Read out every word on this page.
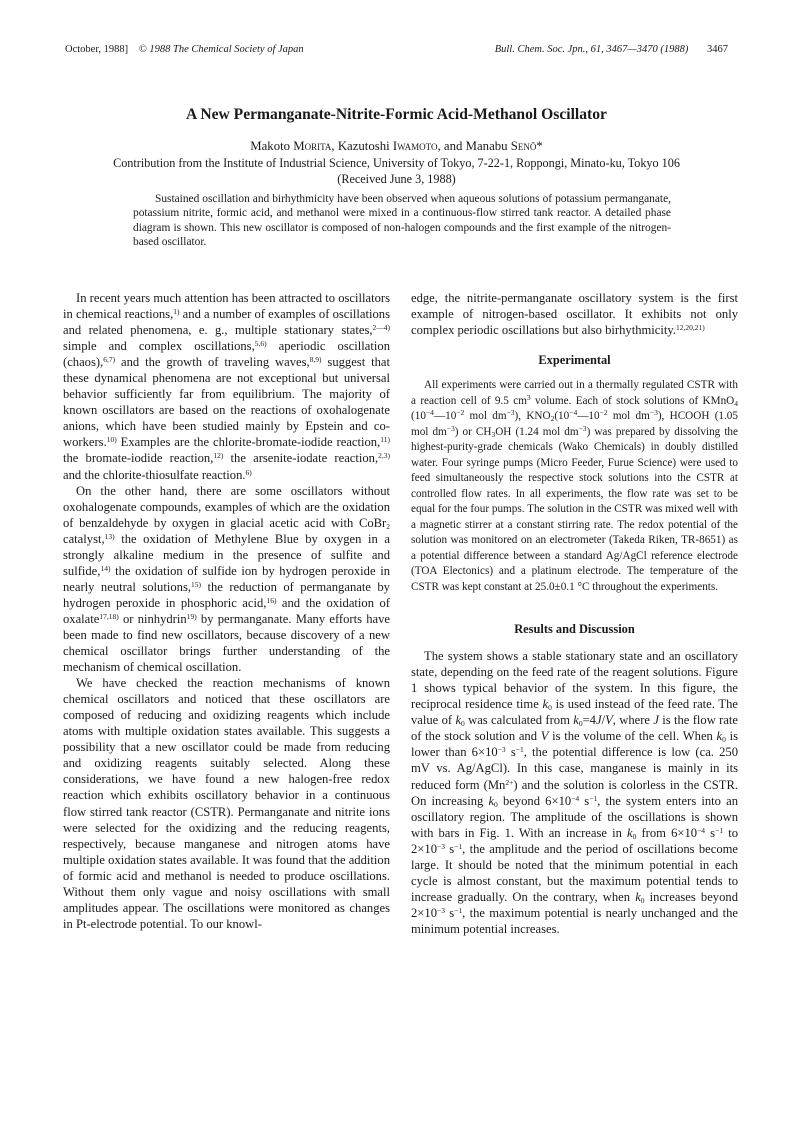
October, 1988] © 1988 The Chemical Society of Japan	Bull. Chem. Soc. Jpn., 61, 3467—3470 (1988) 3467
A New Permanganate-Nitrite-Formic Acid-Methanol Oscillator
Makoto Morita, Kazutoshi Iwamoto, and Manabu Senō*
Contribution from the Institute of Industrial Science, University of Tokyo, 7-22-1, Roppongi, Minato-ku, Tokyo 106
(Received June 3, 1988)
Sustained oscillation and birhythmicity have been observed when aqueous solutions of potassium permanganate, potassium nitrite, formic acid, and methanol were mixed in a continuous-flow stirred tank reactor. A detailed phase diagram is shown. This new oscillator is composed of non-halogen compounds and the first example of the nitrogen-based oscillator.

In recent years much attention has been attracted to oscillators in chemical reactions,$^{1)}$ and a number of examples of oscillations and related phenomena, e. g., multiple stationary states,$^{2—4)}$ simple and complex oscillations,$^{5,6)}$ aperiodic oscillation (chaos),$^{6,7)}$ and the growth of traveling waves,$^{8,9)}$ suggest that these dynamical phenomena are not exceptional but universal behavior sufficiently far from equilibrium. The majority of known oscillators are based on the reactions of oxohalogenate anions, which have been studied mainly by Epstein and co-workers.$^{10)}$ Examples are the chlorite-bromate-iodide reaction,$^{11)}$ the bromate-iodide reaction,$^{12)}$ the arsenite-iodate reaction,$^{2,3)}$ and the chlorite-thiosulfate reaction.$^{6)}$

On the other hand, there are some oscillators without oxohalogenate compounds, examples of which are the oxidation of benzaldehyde by oxygen in glacial acetic acid with CoBr$_2$ catalyst,$^{13)}$ the oxidation of Methylene Blue by oxygen in a strongly alkaline medium in the presence of sulfite and sulfide,$^{14)}$ the oxidation of sulfide ion by hydrogen peroxide in nearly neutral solutions,$^{15)}$ the reduction of permanganate by hydrogen peroxide in phosphoric acid,$^{16)}$ and the oxidation of oxalate$^{17,18)}$ or ninhydrin$^{19)}$ by permanganate. Many efforts have been made to find new oscillators, because discovery of a new chemical oscillator brings further understanding of the mechanism of chemical oscillation.

We have checked the reaction mechanisms of known chemical oscillators and noticed that these oscillators are composed of reducing and oxidizing reagents which include atoms with multiple oxidation states available. This suggests a possibility that a new oscillator could be made from reducing and oxidizing reagents suitably selected. Along these considerations, we have found a new halogen-free redox reaction which exhibits oscillatory behavior in a continuous flow stirred tank reactor (CSTR). Permanganate and nitrite ions were selected for the oxidizing and the reducing reagents, respectively, because manganese and nitrogen atoms have multiple oxidation states available. It was found that the addition of formic acid and methanol is needed to produce oscillations. Without them only vague and noisy oscillations with small amplitudes appear. The oscillations were monitored as changes in Pt-electrode potential. To our knowl-

edge, the nitrite-permanganate oscillatory system is the first example of nitrogen-based oscillator. It exhibits not only complex periodic oscillations but also birhythmicity.$^{12,20,21)}$

Experimental

All experiments were carried out in a thermally regulated CSTR with a reaction cell of 9.5 $cm^3$ volume. Each of stock solutions of KMnO$_4$ ($10^{-4}—10^{-2}$ mol $dm^{-3}$), $KNO_2(10^{-4}—10^{-2}$ mol $dm^{-3}$), HCOOH (1.05 mol $dm^{-3}$) or $CH_3OH$ (1.24 mol $dm^{-3}$) was prepared by dissolving the highest-purity-grade chemicals (Wako Chemicals) in doubly distilled water. Four syringe pumps (Micro Feeder, Furue Science) were used to feed simultaneously the respective stock solutions into the CSTR at controlled flow rates. In all experiments, the flow rate was set to be equal for the four pumps. The solution in the CSTR was mixed well with a magnetic stirrer at a constant stirring rate. The redox potential of the solution was monitored on an electrometer (Takeda Riken, TR-8651) as a potential difference between a standard Ag/AgCl reference electrode (TOA Electonics) and a platinum electrode. The temperature of the CSTR was kept constant at 25.0±0.1 °C throughout the experiments.

Results and Discussion

The system shows a stable stationary state and an oscillatory state, depending on the feed rate of the reagent solutions. Figure 1 shows typical behavior of the system. In this figure, the reciprocal residence time $k_0$ is used instead of the feed rate. The value of $k_0$ was calculated from $k_0=4J/V$, where J is the flow rate of the stock solution and V is the volume of the cell. When $k_0$ is lower than $6\times 10^{-3}$ $s^{-1}$, the potential difference is low (ca. 250 mV vs. Ag/AgCl). In this case, manganese is mainly in its reduced form $(Mn^{2+})$ and the solution is colorless in the CSTR. On increasing $k_0$ beyond $6\times 10^{-4}$ $s^{-1}$, the system enters into an oscillatory region. The amplitude of the oscillations is shown with bars in Fig. 1. With an increase in $k_0$ from $6\times 10^{-4}$ $s^{-1}$ to $2\times 10^{-3}$ $s^{-1}$, the amplitude and the period of oscillations become large. It should be noted that the minimum potential in each cycle is almost constant, but the maximum potential tends to increase gradually. On the contrary, when $k_0$ increases beyond $2\times 10^{-3}$ $s^{-1}$, the maximum potential is nearly unchanged and the minimum potential increases.
